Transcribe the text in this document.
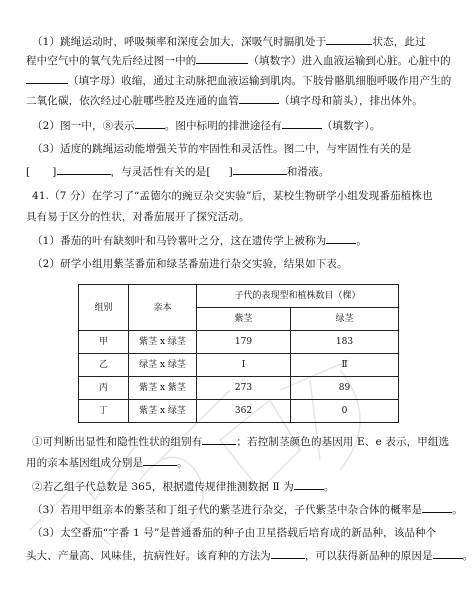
（1）跳绳运动时，呼吸频率和深度会加大，深吸气时膈肌处于	状态，此过
程中空气中的氧气先后经过图一中的	（填数字）进入血液运输到心脏。心脏中的
（填字母）收缩，通过主动脉把血液运输到肌肉。下肢骨骼肌细胞呼吸作用产生的
二氧化碳，依次经过心脏哪些腔及连通的血管	（填字母和箭头），排出体外。
（2）图一中，⑧表示	。图中标明的排泄途径有	（填数字）。
（3）适度的跳绳运动能增强关节的牢固性和灵活性。图二中，与牢固性有关的是
[ ]	，与灵活性有关的是[ ]	和滑液。
41.（7 分）在学习了“孟德尔的豌豆杂交实验”后，某校生物研学小组发现番茄植株也
具有易于区分的性状，对番茄展开了探究活动。
（1）番茄的叶有缺刻叶和马铃薯叶之分，这在遗传学上被称为	。
（2）研学小组用紫茎番茄和绿茎番茄进行杂交实验，结果如下表。
组别	亲本	子代的表现型和植株数目（棵）	
		紫茎	绿茎
甲	紫茎 x 绿茎	179	183
乙	绿茎 x 绿茎	Ⅰ	Ⅱ
丙	紫茎 x 紫茎	273	89
丁	紫茎 x 绿茎	362	0
①可判断出显性和隐性性状的组别有	；若控制茎颜色的基因用 E、e 表示，甲组选
用的亲本基因组成分别是	。
②若乙组子代总数是 365，根据遗传规律推测数据 Ⅱ 为	。
（3）若用甲组亲本的紫茎和丁组子代的紫茎进行杂交，子代紫茎中杂合体的概率是	。
（3）太空番茄“宇番 1 号”是普通番茄的种子由卫星搭载后培育成的新品种，该品种个
头大、产量高、风味佳，抗病性好。该育种的方法为	，可以获得新品种的原因是	。
